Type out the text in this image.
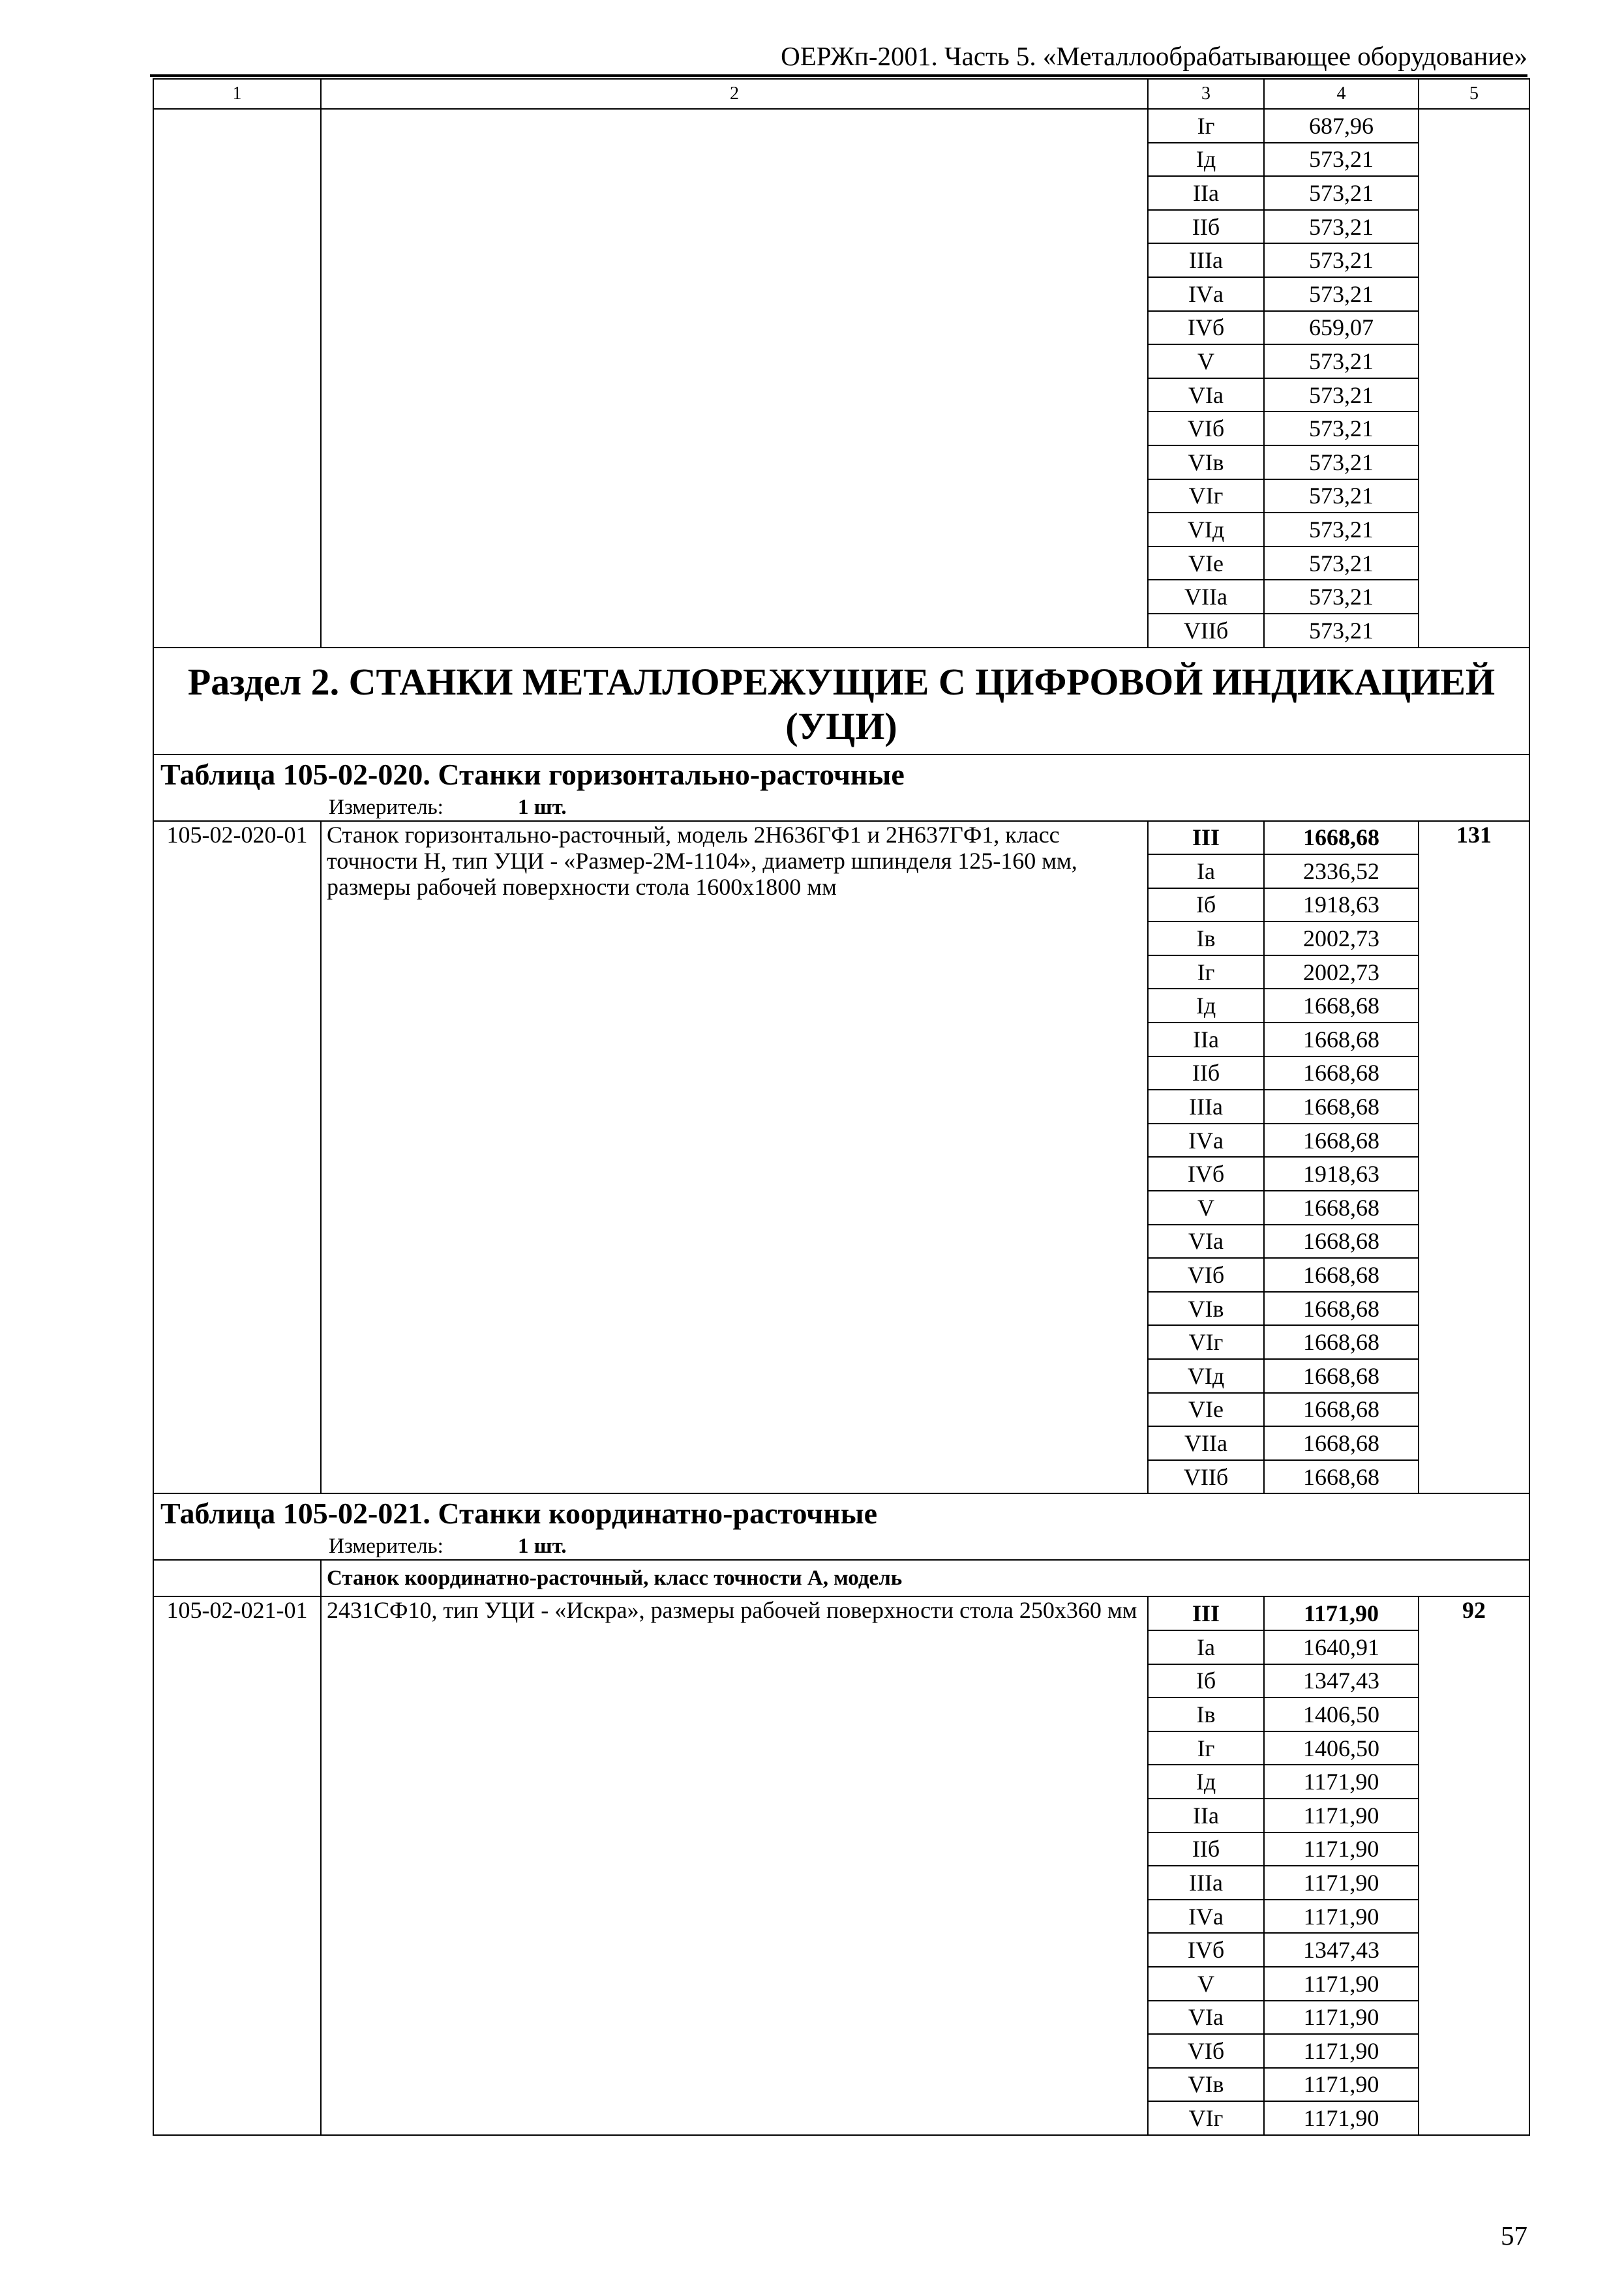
ОЕРЖп-2001. Часть 5. «Металлообрабатывающее оборудование»
1	2	3	4	5
		Iг	687,96	
		Iд	573,21	
		IIа	573,21	
		IIб	573,21	
		IIIа	573,21	
		IVа	573,21	
		IVб	659,07	
		V	573,21	
		VIа	573,21	
		VIб	573,21	
		VIв	573,21	
		VIг	573,21	
		VIд	573,21	
		VIе	573,21	
		VIIа	573,21	
		VIIб	573,21	
Раздел 2. СТАНКИ МЕТАЛЛОРЕЖУЩИЕ С ЦИФРОВОЙ ИНДИКАЦИЕЙ (УЦИ)				
Таблица 105-02-020. Станки горизонтально-расточные				
Измеритель: 1 шт.				
105-02-020-01	Станок горизонтально-расточный, модель 2Н636ГФ1 и 2Н637ГФ1, класс точности Н, тип УЦИ - «Размер-2М-1104», диаметр шпинделя 125-160 мм, размеры рабочей поверхности стола 1600х1800 мм	III	1668,68	131
		Iа	2336,52	
		Iб	1918,63	
		Iв	2002,73	
		Iг	2002,73	
		Iд	1668,68	
		IIа	1668,68	
		IIб	1668,68	
		IIIа	1668,68	
		IVа	1668,68	
		IVб	1918,63	
		V	1668,68	
		VIа	1668,68	
		VIб	1668,68	
		VIв	1668,68	
		VIг	1668,68	
		VIд	1668,68	
		VIе	1668,68	
		VIIа	1668,68	
		VIIб	1668,68	
Таблица 105-02-021. Станки координатно-расточные				
Измеритель: 1 шт.				
	Станок координатно-расточный, класс точности А, модель			
105-02-021-01	2431СФ10, тип УЦИ - «Искра», размеры рабочей поверхности стола 250х360 мм	III	1171,90	92
		Iа	1640,91	
		Iб	1347,43	
		Iв	1406,50	
		Iг	1406,50	
		Iд	1171,90	
		IIа	1171,90	
		IIб	1171,90	
		IIIа	1171,90	
		IVа	1171,90	
		IVб	1347,43	
		V	1171,90	
		VIа	1171,90	
		VIб	1171,90	
		VIв	1171,90	
		VIг	1171,90	
57
